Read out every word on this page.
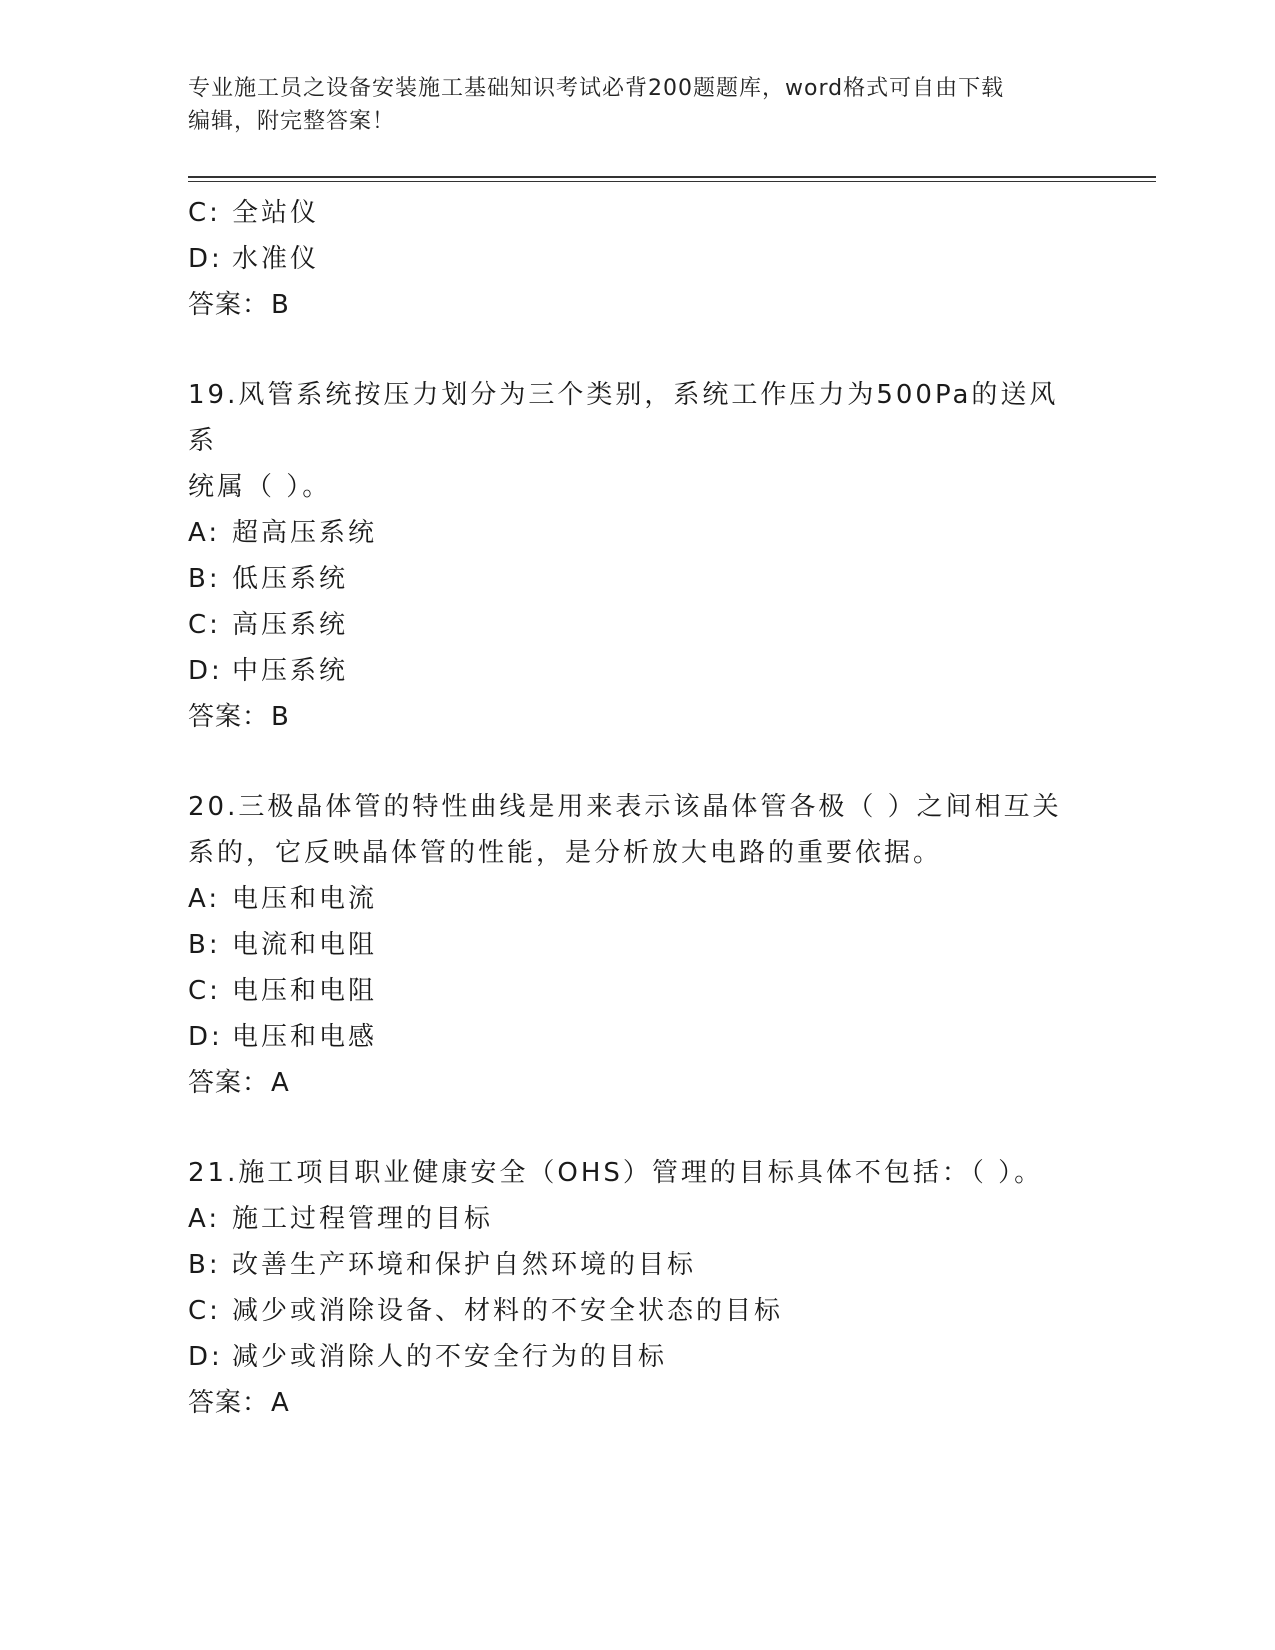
专业施工员之设备安装施工基础知识考试必背200题题库，word格式可自由下载
编辑，附完整答案！
C: 全站仪
D: 水准仪
答案：B
19.风管系统按压力划分为三个类别，系统工作压力为500Pa的送风系
统属（ ）。
A: 超高压系统
B: 低压系统
C: 高压系统
D: 中压系统
答案：B
20.三极晶体管的特性曲线是用来表示该晶体管各极（ ）之间相互关
系的，它反映晶体管的性能，是分析放大电路的重要依据。
A: 电压和电流
B: 电流和电阻
C: 电压和电阻
D: 电压和电感
答案：A
21.施工项目职业健康安全（OHS）管理的目标具体不包括：（ ）。
A: 施工过程管理的目标
B: 改善生产环境和保护自然环境的目标
C: 减少或消除设备、材料的不安全状态的目标
D: 减少或消除人的不安全行为的目标
答案：A
